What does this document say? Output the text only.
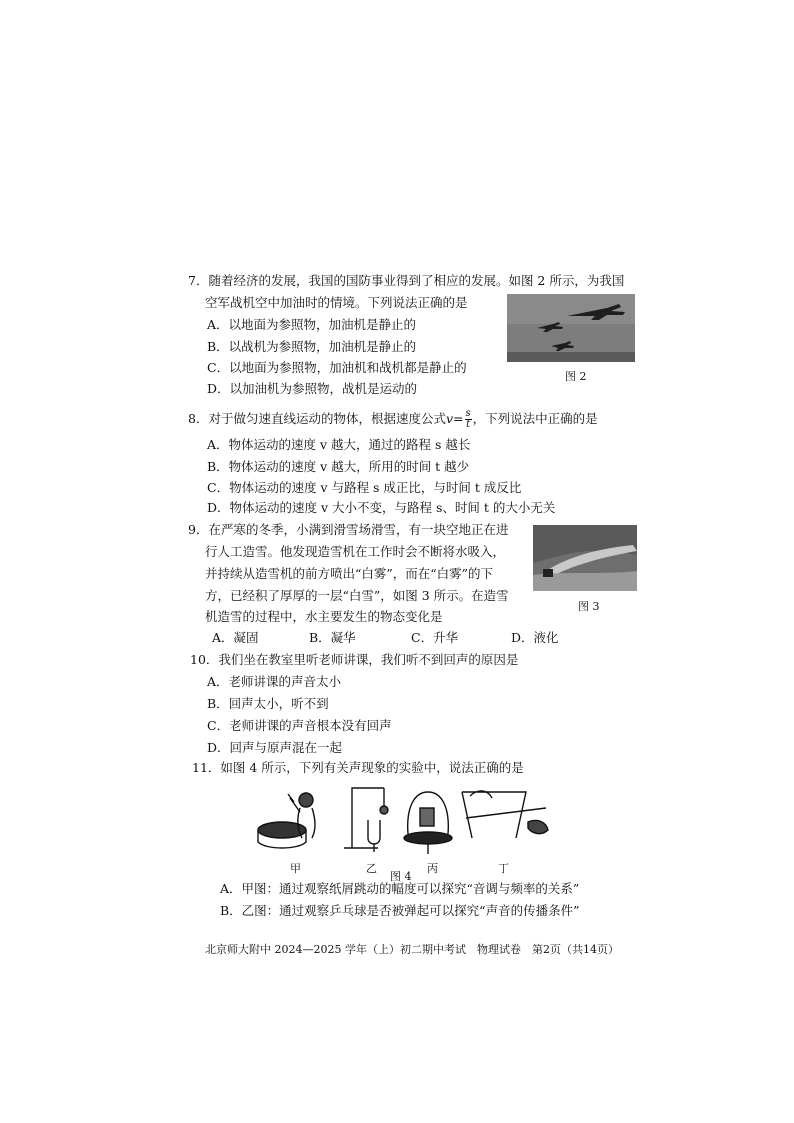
7．随着经济的发展，我国的国防事业得到了相应的发展。如图 2 所示，为我国
空军战机空中加油时的情境。下列说法正确的是
A．以地面为参照物，加油机是静止的
B．以战机为参照物，加油机是静止的
C．以地面为参照物，加油机和战机都是静止的
D．以加油机为参照物，战机是运动的
图 2
8．对于做匀速直线运动的物体，根据速度公式$v= \frac{s}{t}$ ，下列说法中正确的是
A．物体运动的速度 v 越大，通过的路程 s 越长
B．物体运动的速度 v 越大，所用的时间 t 越少
C．物体运动的速度 v 与路程 s 成正比，与时间 t 成反比
D．物体运动的速度 v 大小不变，与路程 s、时间 t 的大小无关
9．在严寒的冬季，小满到滑雪场滑雪，有一块空地正在进
行人工造雪。他发现造雪机在工作时会不断将水吸入，
并持续从造雪机的前方喷出“白雾”，而在“白雾”的下
方，已经积了厚厚的一层“白雪”，如图 3 所示。在造雪
机造雪的过程中，水主要发生的物态变化是
A．凝固	B．凝华	C．升华	D．液化
图 3
10．我们坐在教室里听老师讲课，我们听不到回声的原因是
A．老师讲课的声音太小
B．回声太小，听不到
C．老师讲课的声音根本没有回声
D．回声与原声混在一起
11．如图 4 所示，下列有关声现象的实验中，说法正确的是
甲	乙	丙	丁
图 4
A．甲图：通过观察纸屑跳动的幅度可以探究“音调与频率的关系”
B．乙图：通过观察乒乓球是否被弹起可以探究“声音的传播条件”
北京师大附中 2024—2025 学年（上）初二期中考试　物理试卷　第2页（共14页）
